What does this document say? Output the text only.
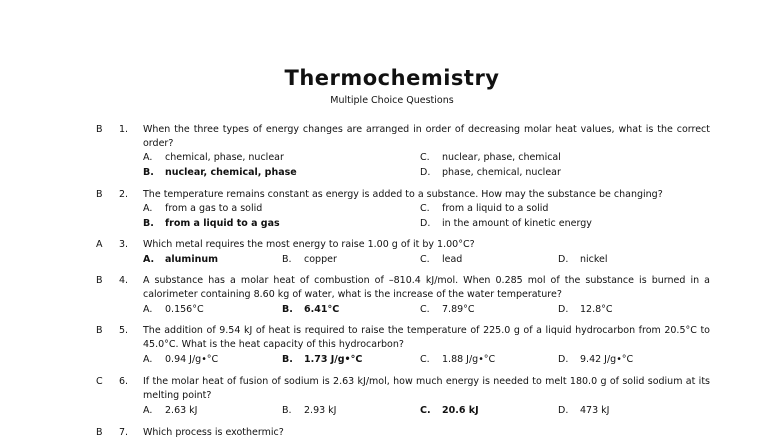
Thermochemistry
Multiple Choice Questions
B 1. When the three types of energy changes are arranged in order of decreasing molar heat values, what is the correct order?
A. chemical, phase, nuclear
B. nuclear, chemical, phase
C. nuclear, phase, chemical
D. phase, chemical, nuclear
B 2. The temperature remains constant as energy is added to a substance. How may the substance be changing?
A. from a gas to a solid
B. from a liquid to a gas
C. from a liquid to a solid
D. in the amount of kinetic energy
A 3. Which metal requires the most energy to raise 1.00 g of it by 1.00°C?
A. aluminum	B. copper	C. lead	D. nickel
B 4. A substance has a molar heat of combustion of –810.4 kJ/mol. When 0.285 mol of the substance is burned in a calorimeter containing 8.60 kg of water, what is the increase of the water temperature?
A. 0.156°C	B. 6.41°C	C. 7.89°C	D. 12.8°C
B 5. The addition of 9.54 kJ of heat is required to raise the temperature of 225.0 g of a liquid hydrocarbon from 20.5°C to 45.0°C. What is the heat capacity of this hydrocarbon?
A. 0.94 J/g•°C	B. 1.73 J/g•°C	C. 1.88 J/g•°C	D. 9.42 J/g•°C
C 6. If the molar heat of fusion of sodium is 2.63 kJ/mol, how much energy is needed to melt 180.0 g of solid sodium at its melting point?
A. 2.63 kJ	B. 2.93 kJ	C. 20.6 kJ	D. 473 kJ
B 7. Which process is exothermic?
